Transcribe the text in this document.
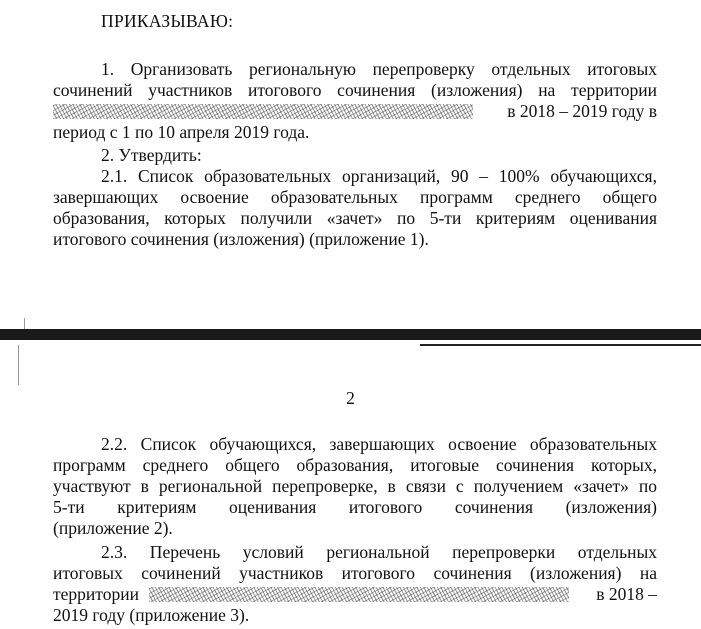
ПРИКАЗЫВАЮ:
1. Организовать региональную перепроверку отдельных итоговых
сочинений участников итогового сочинения (изложения) на территории
в 2018 – 2019 году в
период с 1 по 10 апреля 2019 года.
2. Утвердить:
2.1. Список образовательных организаций, 90 – 100% обучающихся,
завершающих освоение образовательных программ среднего общего
образования, которых получили «зачет» по 5-ти критериям оценивания
итогового сочинения (изложения) (приложение 1).
2
2.2. Список обучающихся, завершающих освоение образовательных
программ среднего общего образования, итоговые сочинения которых,
участвуют в региональной перепроверке, в связи с получением «зачет» по
5-ти критериям оценивания итогового сочинения (изложения)
(приложение 2).
2.3. Перечень условий региональной перепроверки отдельных
итоговых сочинений участников итогового сочинения (изложения) на
территории	в 2018 –
2019 году (приложение 3).
